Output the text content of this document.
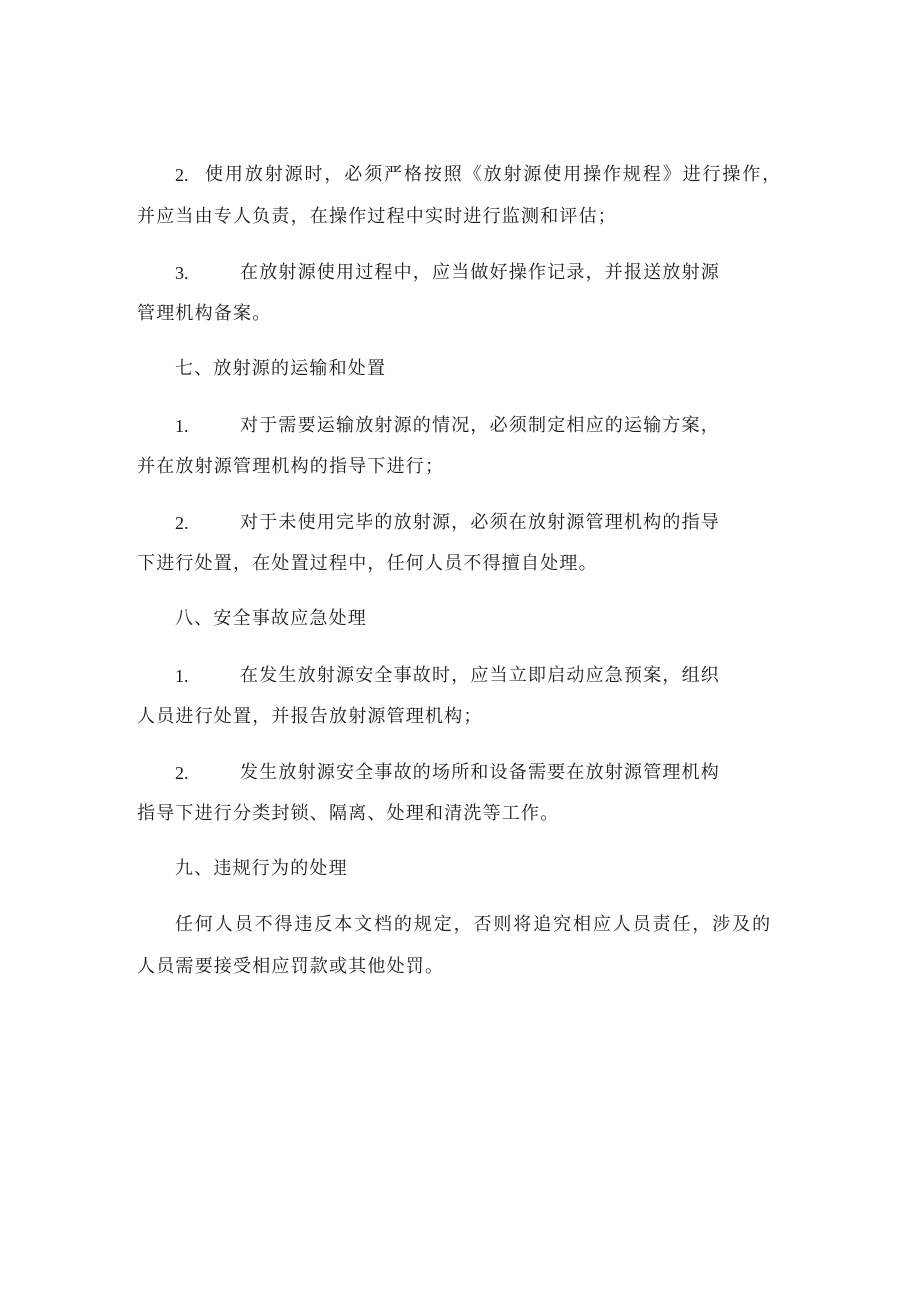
2. 使用放射源时，必须严格按照《放射源使用操作规程》进行操作，
并应当由专人负责，在操作过程中实时进行监测和评估；
3.	在放射源使用过程中，应当做好操作记录，并报送放射源
管理机构备案。
七、放射源的运输和处置
1.	对于需要运输放射源的情况，必须制定相应的运输方案，
并在放射源管理机构的指导下进行；
2.	对于未使用完毕的放射源，必须在放射源管理机构的指导
下进行处置，在处置过程中，任何人员不得擅自处理。
八、安全事故应急处理
1.	在发生放射源安全事故时，应当立即启动应急预案，组织
人员进行处置，并报告放射源管理机构；
2.	发生放射源安全事故的场所和设备需要在放射源管理机构
指导下进行分类封锁、隔离、处理和清洗等工作。
九、违规行为的处理
任何人员不得违反本文档的规定，否则将追究相应人员责任，涉及的
人员需要接受相应罚款或其他处罚。
